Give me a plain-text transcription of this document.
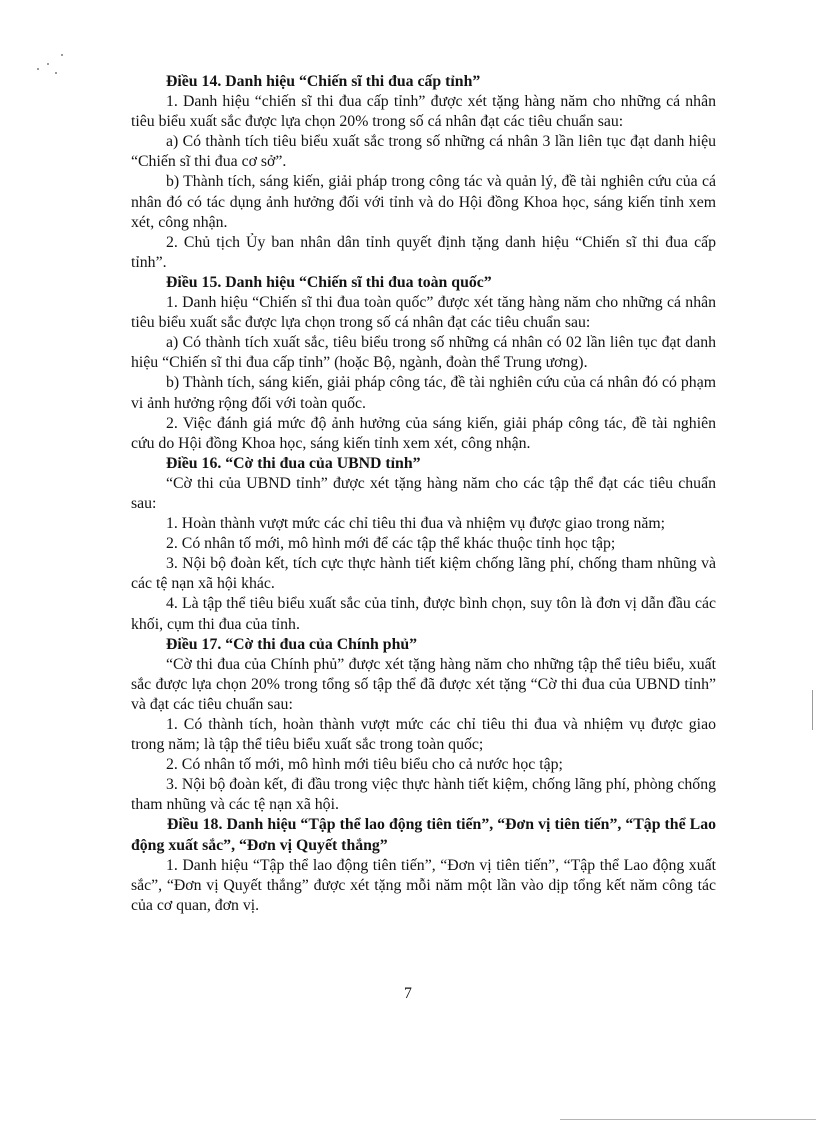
Điều 14. Danh hiệu “Chiến sĩ thi đua cấp tỉnh”

1. Danh hiệu “chiến sĩ thi đua cấp tỉnh” được xét tặng hàng năm cho những cá nhân tiêu biểu xuất sắc được lựa chọn 20% trong số cá nhân đạt các tiêu chuẩn sau:

a) Có thành tích tiêu biểu xuất sắc trong số những cá nhân 3 lần liên tục đạt danh hiệu “Chiến sĩ thi đua cơ sở”.

b) Thành tích, sáng kiến, giải pháp trong công tác và quản lý, đề tài nghiên cứu của cá nhân đó có tác dụng ảnh hưởng đối với tỉnh và do Hội đồng Khoa học, sáng kiến tỉnh xem xét, công nhận.

2. Chủ tịch Ủy ban nhân dân tỉnh quyết định tặng danh hiệu “Chiến sĩ thi đua cấp tỉnh”.

Điều 15. Danh hiệu “Chiến sĩ thi đua toàn quốc”

1. Danh hiệu “Chiến sĩ thi đua toàn quốc” được xét tăng hàng năm cho những cá nhân tiêu biểu xuất sắc được lựa chọn trong số cá nhân đạt các tiêu chuẩn sau:

a) Có thành tích xuất sắc, tiêu biểu trong số những cá nhân có 02 lần liên tục đạt danh hiệu “Chiến sĩ thi đua cấp tỉnh” (hoặc Bộ, ngành, đoàn thể Trung ương).

b) Thành tích, sáng kiến, giải pháp công tác, đề tài nghiên cứu của cá nhân đó có phạm vi ảnh hưởng rộng đối với toàn quốc.

2. Việc đánh giá mức độ ảnh hưởng của sáng kiến, giải pháp công tác, đề tài nghiên cứu do Hội đồng Khoa học, sáng kiến tỉnh xem xét, công nhận.

Điều 16. “Cờ thi đua của UBND tỉnh”

“Cờ thi của UBND tỉnh” được xét tặng hàng năm cho các tập thể đạt các tiêu chuẩn sau:

1. Hoàn thành vượt mức các chỉ tiêu thi đua và nhiệm vụ được giao trong năm;

2. Có nhân tố mới, mô hình mới để các tập thể khác thuộc tỉnh học tập;

3. Nội bộ đoàn kết, tích cực thực hành tiết kiệm chống lãng phí, chống tham nhũng và các tệ nạn xã hội khác.

4. Là tập thể tiêu biểu xuất sắc của tỉnh, được bình chọn, suy tôn là đơn vị dẫn đầu các khối, cụm thi đua của tỉnh.

Điều 17. “Cờ thi đua của Chính phủ”

“Cờ thi đua của Chính phủ” được xét tặng hàng năm cho những tập thể tiêu biểu, xuất sắc được lựa chọn 20% trong tổng số tập thể đã được xét tặng “Cờ thi đua của UBND tỉnh” và đạt các tiêu chuẩn sau:

1. Có thành tích, hoàn thành vượt mức các chỉ tiêu thi đua và nhiệm vụ được giao trong năm; là tập thể tiêu biểu xuất sắc trong toàn quốc;

2. Có nhân tố mới, mô hình mới tiêu biểu cho cả nước học tập;

3. Nội bộ đoàn kết, đi đầu trong việc thực hành tiết kiệm, chống lãng phí, phòng chống tham nhũng và các tệ nạn xã hội.

Điều 18. Danh hiệu “Tập thể lao động tiên tiến”, “Đơn vị tiên tiến”, “Tập thể Lao động xuất sắc”, “Đơn vị Quyết thắng”

1. Danh hiệu “Tập thể lao động tiên tiến”, “Đơn vị tiên tiến”, “Tập thể Lao động xuất sắc”, “Đơn vị Quyết thắng” được xét tặng mỗi năm một lần vào dịp tổng kết năm công tác của cơ quan, đơn vị.

7
